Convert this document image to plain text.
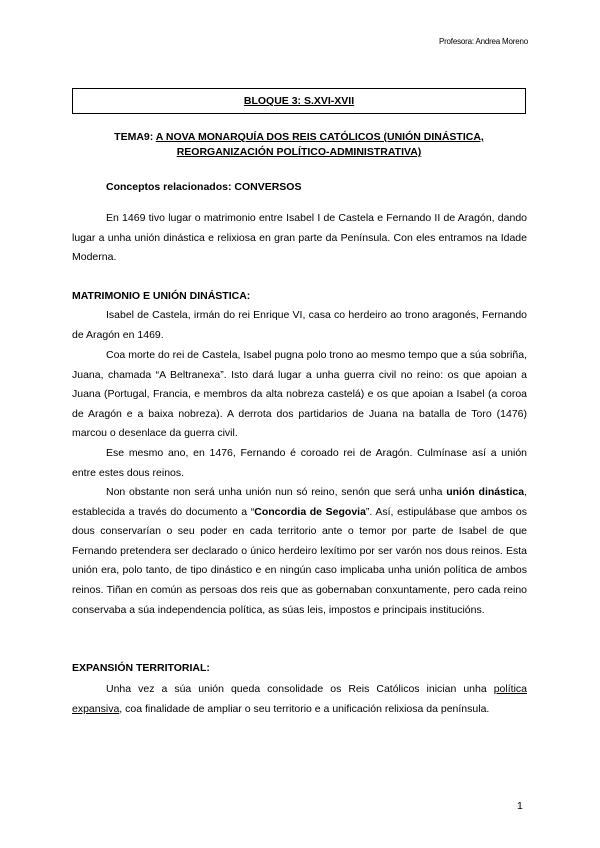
Profesora: Andrea Moreno
BLOQUE 3: S.XVI-XVII
TEMA9: A NOVA MONARQUÍA DOS REIS CATÓLICOS (UNIÓN DINÁSTICA,
REORGANIZACIÓN POLÍTICO-ADMINISTRATIVA)
Conceptos relacionados: CONVERSOS
En 1469 tivo lugar o matrimonio entre Isabel I de Castela e Fernando II de Aragón, dando lugar a unha unión dinástica e relixiosa en gran parte da Península. Con eles entramos na Idade Moderna.
MATRIMONIO E UNIÓN DINÁSTICA:
Isabel de Castela, irmán do rei Enrique VI, casa co herdeiro ao trono aragonés, Fernando de Aragón en 1469.
Coa morte do rei de Castela, Isabel pugna polo trono ao mesmo tempo que a súa sobriña, Juana, chamada “A Beltranexa”. Isto dará lugar a unha guerra civil no reino: os que apoian a Juana (Portugal, Francia, e membros da alta nobreza castelá) e os que apoian a Isabel (a coroa de Aragón e a baixa nobreza). A derrota dos partidarios de Juana na batalla de Toro (1476) marcou o desenlace da guerra civil.
Ese mesmo ano, en 1476, Fernando é coroado rei de Aragón. Culmínase así a unión entre estes dous reinos.
Non obstante non será unha unión nun só reino, senón que será unha unión dinástica, establecida a través do documento a “Concordia de Segovia”. Así, estipulábase que ambos os dous conservarían o seu poder en cada territorio ante o temor por parte de Isabel de que Fernando pretendera ser declarado o único herdeiro lexítimo por ser varón nos dous reinos. Esta unión era, polo tanto, de tipo dinástico e en ningún caso implicaba unha unión política de ambos reinos. Tiñan en común as persoas dos reis que as gobernaban conxuntamente, pero cada reino conservaba a súa independencia política, as súas leis, impostos e principais institucións.
EXPANSIÓN TERRITORIAL:
Unha vez a súa unión queda consolidade os Reis Católicos inician unha política expansiva, coa finalidade de ampliar o seu territorio e a unificación relixiosa da península.
1
